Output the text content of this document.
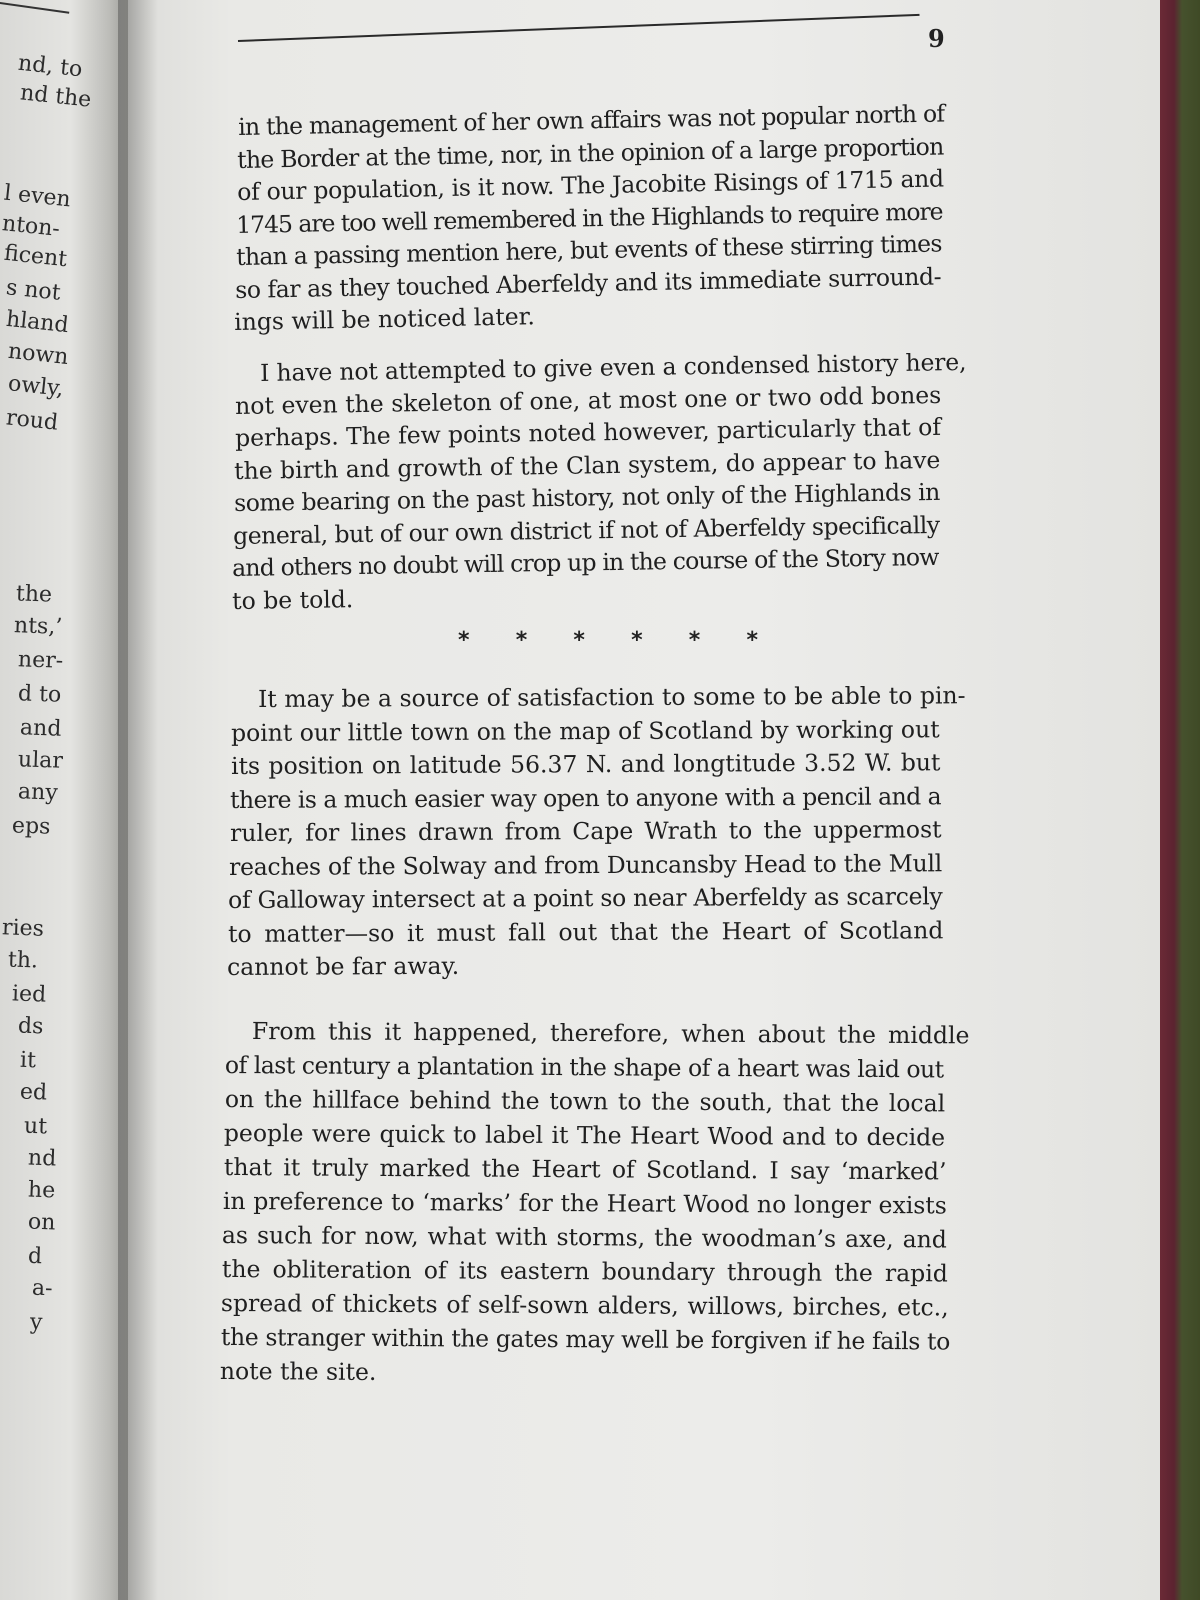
nd, to
nd the
l even
nton-
ficent
s not
hland
nown
owly,
roud
the
nts,’
ner-
d to
and
ular
any
eps
ries
th.
ied
ds
it
ed
ut
nd
he
on
d
a-
y
9
in the management of her own affairs was not popular north of
the Border at the time, nor, in the opinion of a large proportion
of our population, is it now. The Jacobite Risings of 1715 and
1745 are too well remembered in the Highlands to require more
than a passing mention here, but events of these stirring times
so far as they touched Aberfeldy and its immediate surround-
ings will be noticed later.
I have not attempted to give even a condensed history here,
not even the skeleton of one, at most one or two odd bones
perhaps. The few points noted however, particularly that of
the birth and growth of the Clan system, do appear to have
some bearing on the past history, not only of the Highlands in
general, but of our own district if not of Aberfeldy specifically
and others no doubt will crop up in the course of the Story now
to be told.
It may be a source of satisfaction to some to be able to pin-
point our little town on the map of Scotland by working out
its position on latitude 56.37 N. and longtitude 3.52 W. but
there is a much easier way open to anyone with a pencil and a
ruler, for lines drawn from Cape Wrath to the uppermost
reaches of the Solway and from Duncansby Head to the Mull
of Galloway intersect at a point so near Aberfeldy as scarcely
to matter—so it must fall out that the Heart of Scotland
cannot be far away.
From this it happened, therefore, when about the middle
of last century a plantation in the shape of a heart was laid out
on the hillface behind the town to the south, that the local
people were quick to label it The Heart Wood and to decide
that it truly marked the Heart of Scotland. I say ‘marked’
in preference to ‘marks’ for the Heart Wood no longer exists
as such for now, what with storms, the woodman’s axe, and
the obliteration of its eastern boundary through the rapid
spread of thickets of self-sown alders, willows, birches, etc.,
the stranger within the gates may well be forgiven if he fails to
note the site.
* * * * * *
